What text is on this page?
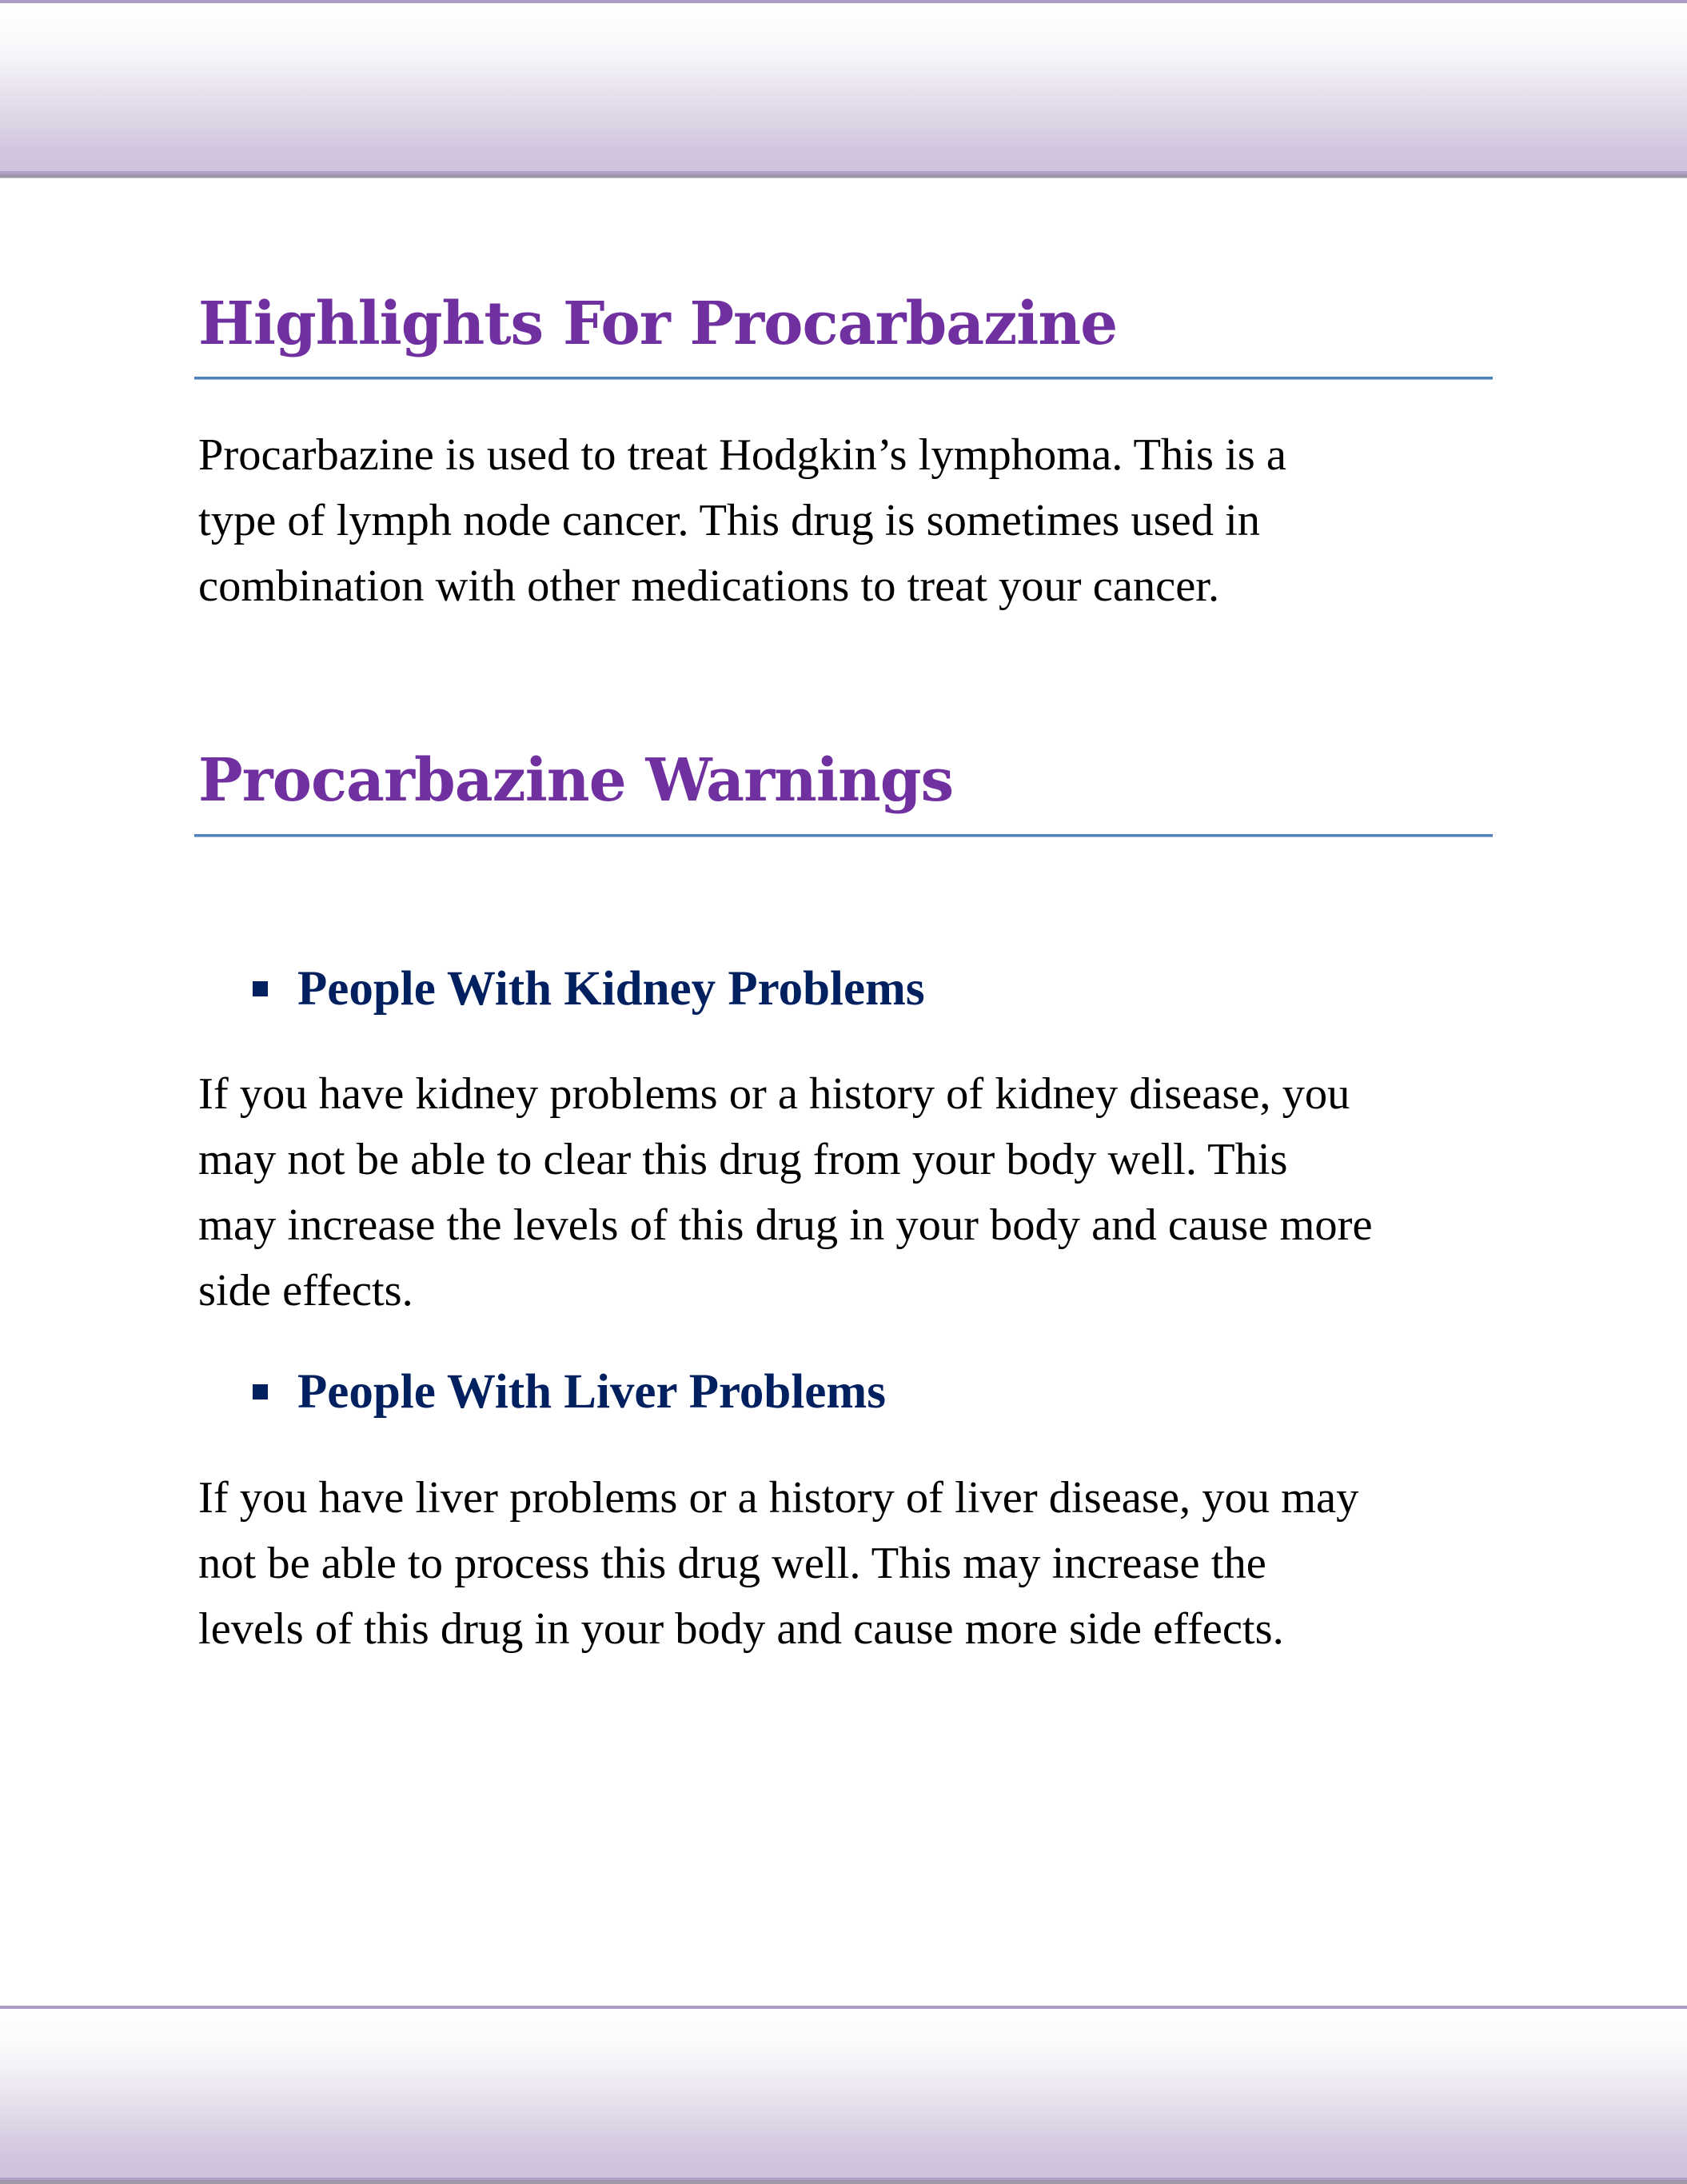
Highlights For Procarbazine

Procarbazine is used to treat Hodgkin’s lymphoma. This is a
type of lymph node cancer. This drug is sometimes used in
combination with other medications to treat your cancer.

Procarbazine Warnings
People With Kidney Problems

If you have kidney problems or a history of kidney disease, you
may not be able to clear this drug from your body well. This
may increase the levels of this drug in your body and cause more
side effects.

People With Liver Problems

If you have liver problems or a history of liver disease, you may
not be able to process this drug well. This may increase the
levels of this drug in your body and cause more side effects.
